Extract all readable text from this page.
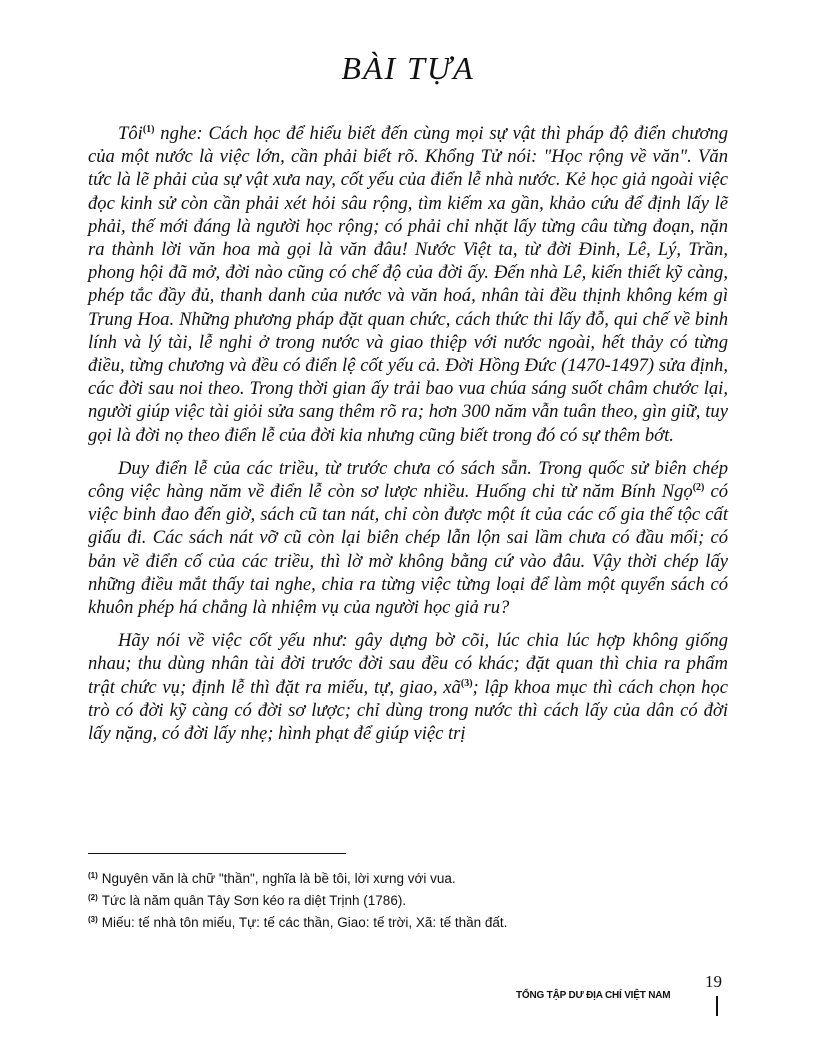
BÀI TỰA

Tôi$^{(1)}$ nghe: Cách học để hiểu biết đến cùng mọi sự vật thì pháp độ điển chương của một nước là việc lớn, cần phải biết rõ. Khổng Tử nói: "Học rộng về văn". Văn tức là lẽ phải của sự vật xưa nay, cốt yếu của điển lễ nhà nước. Kẻ học giả ngoài việc đọc kinh sử còn cần phải xét hỏi sâu rộng, tìm kiếm xa gần, khảo cứu để định lấy lẽ phải, thế mới đáng là người học rộng; có phải chỉ nhặt lấy từng câu từng đoạn, nặn ra thành lời văn hoa mà gọi là văn đâu! Nước Việt ta, từ đời Đinh, Lê, Lý, Trần, phong hội đã mở, đời nào cũng có chế độ của đời ấy. Đến nhà Lê, kiến thiết kỹ càng, phép tắc đầy đủ, thanh danh của nước và văn hoá, nhân tài đều thịnh không kém gì Trung Hoa. Những phương pháp đặt quan chức, cách thức thi lấy đỗ, qui chế về binh lính và lý tài, lễ nghi ở trong nước và giao thiệp với nước ngoài, hết thảy có từng điều, từng chương và đều có điển lệ cốt yếu cả. Đời Hồng Đức (1470-1497) sửa định, các đời sau noi theo. Trong thời gian ấy trải bao vua chúa sáng suốt châm chước lại, người giúp việc tài giỏi sửa sang thêm rõ ra; hơn 300 năm vẫn tuân theo, gìn giữ, tuy gọi là đời nọ theo điển lễ của đời kia nhưng cũng biết trong đó có sự thêm bớt.

Duy điển lễ của các triều, từ trước chưa có sách sẵn. Trong quốc sử biên chép công việc hàng năm về điển lễ còn sơ lược nhiều. Huống chi từ năm Bính Ngọ$^{(2)}$ có việc binh đao đến giờ, sách cũ tan nát, chỉ còn được một ít của các cố gia thế tộc cất giấu đi. Các sách nát vỡ cũ còn lại biên chép lẫn lộn sai lầm chưa có đầu mối; có bản về điển cố của các triều, thì lờ mờ không bằng cứ vào đâu. Vậy thời chép lấy những điều mắt thấy tai nghe, chia ra từng việc từng loại để làm một quyển sách có khuôn phép há chẳng là nhiệm vụ của người học giả ru?

Hãy nói về việc cốt yếu như: gây dựng bờ cõi, lúc chia lúc hợp không giống nhau; thu dùng nhân tài đời trước đời sau đều có khác; đặt quan thì chia ra phẩm trật chức vụ; định lễ thì đặt ra miếu, tự, giao, $xã^{(3)}$; lập khoa mục thì cách chọn học trò có đời kỹ càng có đời sơ lược; chỉ dùng trong nước thì cách lấy của dân có đời lấy nặng, có đời lấy nhẹ; hình phạt để giúp việc trị

$^{(1)}$ Nguyên văn là chữ "thần", nghĩa là bề tôi, lời xưng với vua.
$^{(2)}$ Tức là năm quân Tây Sơn kéo ra diệt Trịnh (1786).
$^{(3)}$ Miếu: tế nhà tôn miếu, Tự: tế các thần, Giao: tế trời, Xã: tế thần đất.
TỔNG TẬP DƯ ĐỊA CHÍ VIỆT NAM
19
